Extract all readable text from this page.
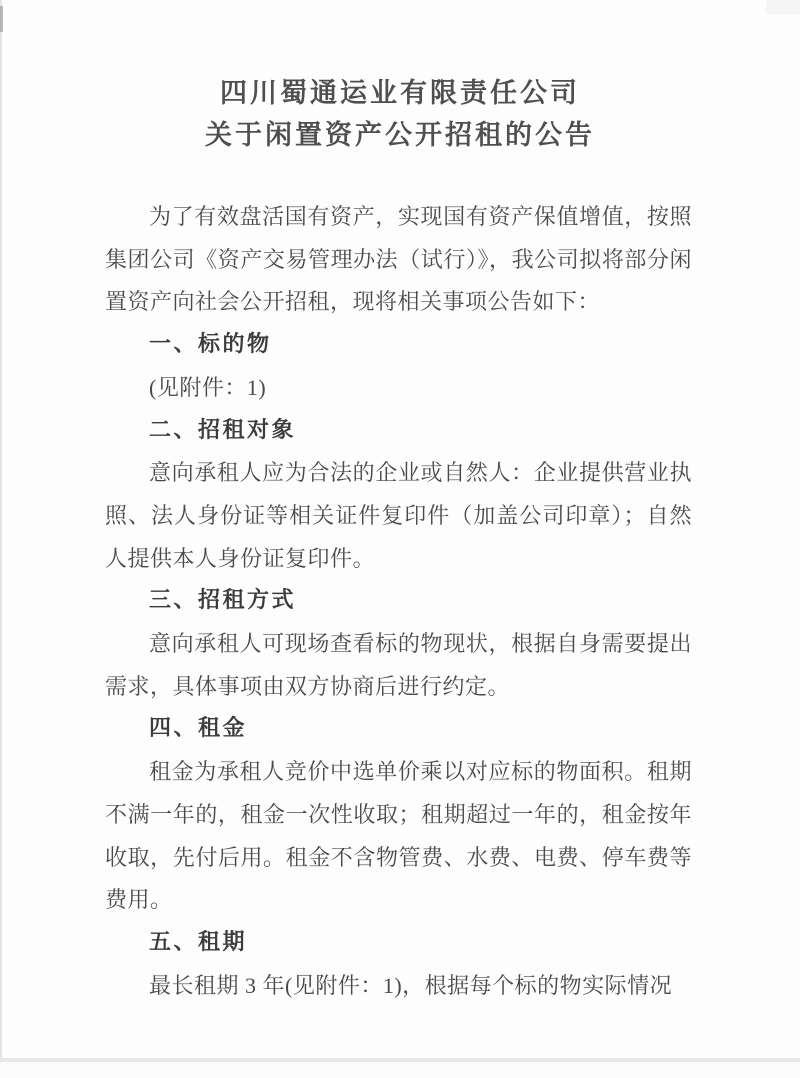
四川蜀通运业有限责任公司
关于闲置资产公开招租的公告

为了有效盘活国有资产，实现国有资产保值增值，按照集团公司《资产交易管理办法（试行）》，我公司拟将部分闲置资产向社会公开招租，现将相关事项公告如下：

一、标的物

(见附件：1)

二、招租对象

意向承租人应为合法的企业或自然人：企业提供营业执照、法人身份证等相关证件复印件（加盖公司印章）；自然人提供本人身份证复印件。

三、招租方式

意向承租人可现场查看标的物现状，根据自身需要提出需求，具体事项由双方协商后进行约定。

四、租金

租金为承租人竞价中选单价乘以对应标的物面积。租期不满一年的，租金一次性收取；租期超过一年的，租金按年收取，先付后用。租金不含物管费、水费、电费、停车费等费用。

五、租期

最长租期 3 年(见附件：1)，根据每个标的物实际情况
